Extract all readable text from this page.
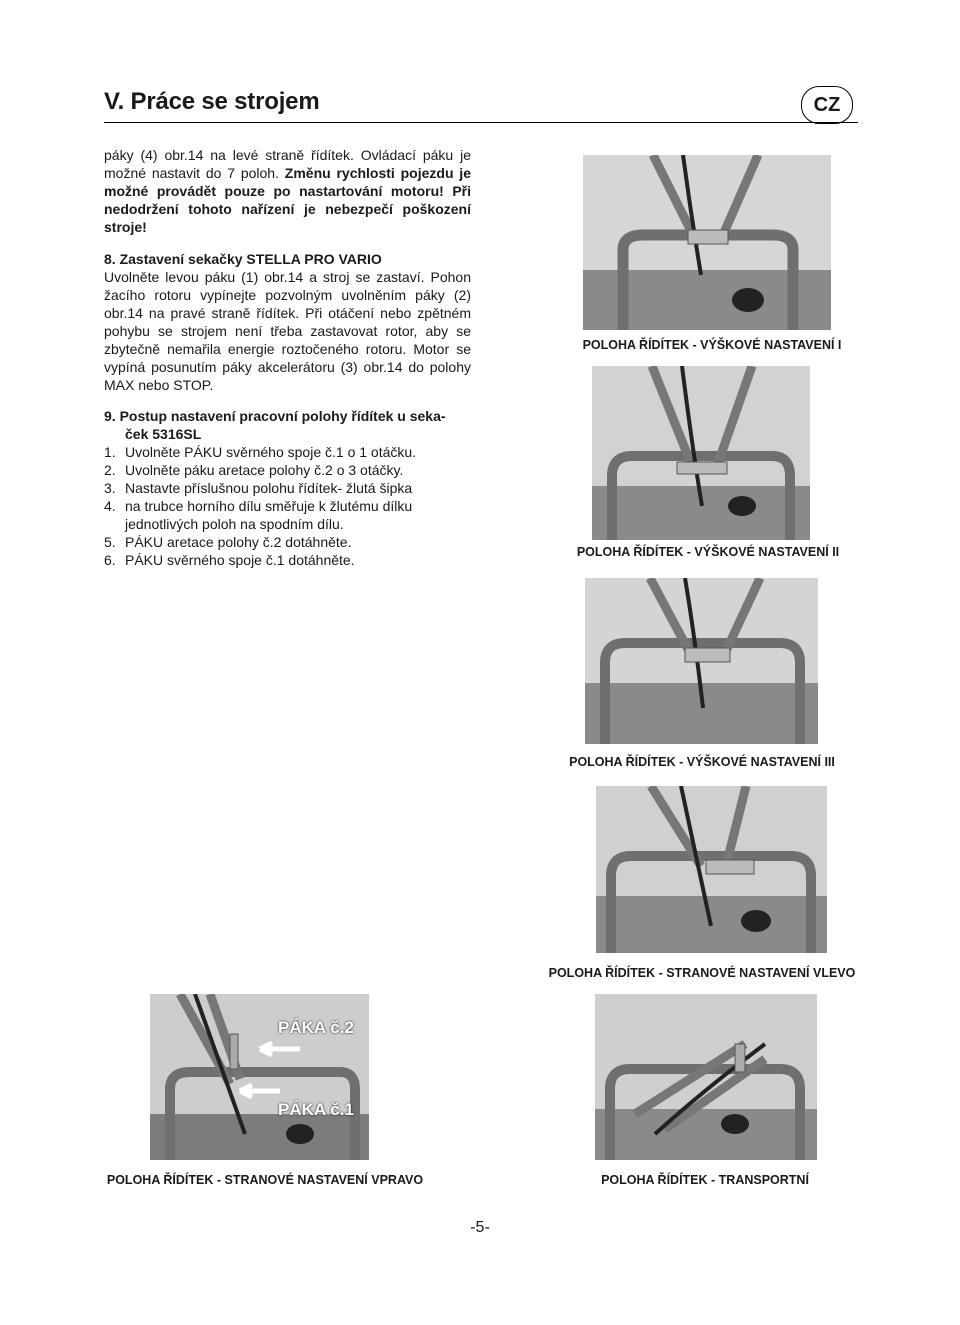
V. Práce se strojem	CZ

páky (4) obr.14 na levé straně řídítek. Ovládací páku je možné nastavit do 7 poloh. Změnu rychlosti pojezdu je možné provádět pouze po nastartování motoru! Při nedodržení tohoto nařízení je nebezpečí poškození stroje!

8. Zastavení sekačky STELLA PRO VARIO
Uvolněte levou páku (1) obr.14 a stroj se zastaví. Pohon žacího rotoru vypínejte pozvolným uvolněním páky (2) obr.14 na pravé straně řídítek. Při otáčení nebo zpětném pohybu se strojem není třeba zastavovat rotor, aby se zbytečně nemařila energie roztočeného rotoru. Motor se vypíná posunutím páky akcelerátoru (3) obr.14 do polohy MAX nebo STOP.
9. Postup nastavení pracovní polohy řídítek u seka-
ček 5316SL
1. Uvolněte PÁKU svěrného spoje č.1 o 1 otáčku.
2. Uvolněte páku aretace polohy č.2 o 3 otáčky.
3. Nastavte příslušnou polohu řídítek- žlutá šipka
4. na trubce horního dílu směřuje k žlutému dílku jednotlivých poloh na spodním dílu.
5. PÁKU aretace polohy č.2 dotáhněte.
6. PÁKU svěrného spoje č.1 dotáhněte.
POLOHA ŘÍDÍTEK - VÝŠKOVÉ NASTAVENÍ I
POLOHA ŘÍDÍTEK - VÝŠKOVÉ NASTAVENÍ II
POLOHA ŘÍDÍTEK - VÝŠKOVÉ NASTAVENÍ III
POLOHA ŘÍDÍTEK - STRANOVÉ NASTAVENÍ VLEVO
PÁKA č.2
PÁKA č.1
POLOHA ŘÍDÍTEK - STRANOVÉ NASTAVENÍ VPRAVO	POLOHA ŘÍDÍTEK - TRANSPORTNÍ
-5-
